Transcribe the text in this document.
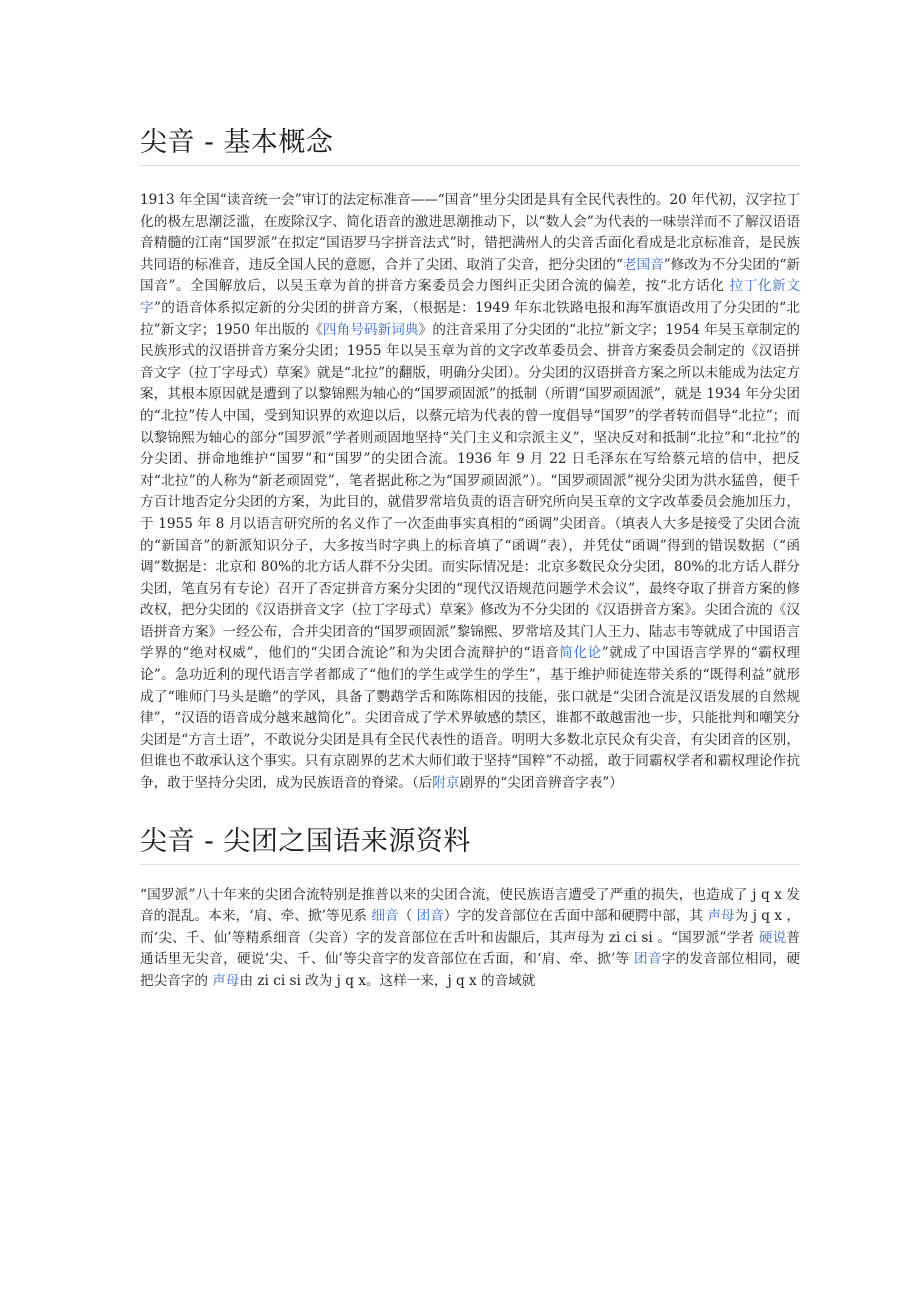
尖音 - 基本概念

1913 年全国“读音统一会”审订的法定标准音——“国音”里分尖团是具有全民代表性的。20 年代初，汉字拉丁化的极左思潮泛滥，在废除汉字、简化语音的激进思潮推动下，以“数人会”为代表的一味崇洋而不了解汉语语音精髓的江南“国罗派”在拟定“国语罗马字拼音法式”时，错把满州人的尖音舌面化看成是北京标准音，是民族共同语的标准音，违反全国人民的意愿，合并了尖团、取消了尖音，把分尖团的“老国音”修改为不分尖团的“新国音”。全国解放后，以吴玉章为首的拼音方案委员会力图纠正尖团合流的偏差，按“北方话化 拉丁化新文字”的语音体系拟定新的分尖团的拼音方案，（根据是：1949 年东北铁路电报和海军旗语改用了分尖团的“北拉”新文字；1950 年出版的《四角号码新词典》的注音采用了分尖团的“北拉”新文字；1954 年吴玉章制定的民族形式的汉语拼音方案分尖团；1955 年以吴玉章为首的文字改革委员会、拼音方案委员会制定的《汉语拼音文字（拉丁字母式）草案》就是“北拉”的翻版，明确分尖团）。分尖团的汉语拼音方案之所以未能成为法定方案，其根本原因就是遭到了以黎锦熙为轴心的“国罗顽固派”的抵制（所谓“国罗顽固派”，就是 1934 年分尖团的“北拉”传人中国，受到知识界的欢迎以后，以蔡元培为代表的曾一度倡导“国罗”的学者转而倡导“北拉”；而以黎锦熙为轴心的部分“国罗派”学者则顽固地坚持“关门主义和宗派主义”，坚决反对和抵制“北拉”和“北拉”的分尖团、拼命地维护“国罗”和“国罗”的尖团合流。1936 年 9 月 22 日毛泽东在写给蔡元培的信中，把反对“北拉”的人称为“新老顽固党”，笔者据此称之为“国罗顽固派”）。“国罗顽固派”视分尖团为洪水猛兽，便千方百计地否定分尖团的方案，为此目的，就借罗常培负责的语言研究所向吴玉章的文字改革委员会施加压力，于 1955 年 8 月以语言研究所的名义作了一次歪曲事实真相的“函调”尖团音。（填表人大多是接受了尖团合流的“新国音”的新派知识分子，大多按当时字典上的标音填了“函调”表），并凭仗“函调”得到的错误数据（“函调”数据是：北京和 80%的北方话人群不分尖团。而实际情况是：北京多数民众分尖团，80%的北方话人群分尖团，笔直另有专论）召开了否定拼音方案分尖团的“现代汉语规范问题学术会议”，最终夺取了拼音方案的修改权，把分尖团的《汉语拼音文字（拉丁字母式）草案》修改为不分尖团的《汉语拼音方案》。尖团合流的《汉语拼音方案》一经公布，合并尖团音的“国罗顽固派”黎锦熙、罗常培及其门人王力、陆志韦等就成了中国语言学界的“绝对权威”，他们的“尖团合流论”和为尖团合流辩护的“语音简化论”就成了中国语言学界的“霸权理论”。急功近利的现代语言学者都成了“他们的学生或学生的学生”，基于维护师徒连带关系的“既得利益”就形成了“唯师门马头是瞻”的学风，具备了鹦鹉学舌和陈陈相因的技能，张口就是“尖团合流是汉语发展的自然规律”，“汉语的语音成分越来越简化”。尖团音成了学术界敏感的禁区，谁都不敢越雷池一步，只能批判和嘲笑分尖团是“方言土语”，不敢说分尖团是具有全民代表性的语音。明明大多数北京民众有尖音，有尖团音的区别，但谁也不敢承认这个事实。只有京剧界的艺术大师们敢于坚持“国粹”不动摇，敢于同霸权学者和霸权理论作抗争，敢于坚持分尖团，成为民族语音的脊梁。（后附京剧界的“尖团音辨音字表”）

尖音 - 尖团之国语来源资料

“国罗派”八十年来的尖团合流特别是推普以来的尖团合流，使民族语言遭受了严重的损失，也造成了 j q x 发音的混乱。本来，‘肩、牵、掀’等见系 细音（ 团音）字的发音部位在舌面中部和硬腭中部，其 声母为 j q x ，而‘尖、千、仙’等精系细音（尖音）字的发音部位在舌叶和齿龈后，其声母为 zi ci si 。“国罗派”学者 硬说普通话里无尖音，硬说‘尖、千、仙’等尖音字的发音部位在舌面，和‘肩、牵、掀’等 团音字的发音部位相同，硬把尖音字的 声母由 zi ci si 改为 j q x。这样一来，j q x 的音域就
